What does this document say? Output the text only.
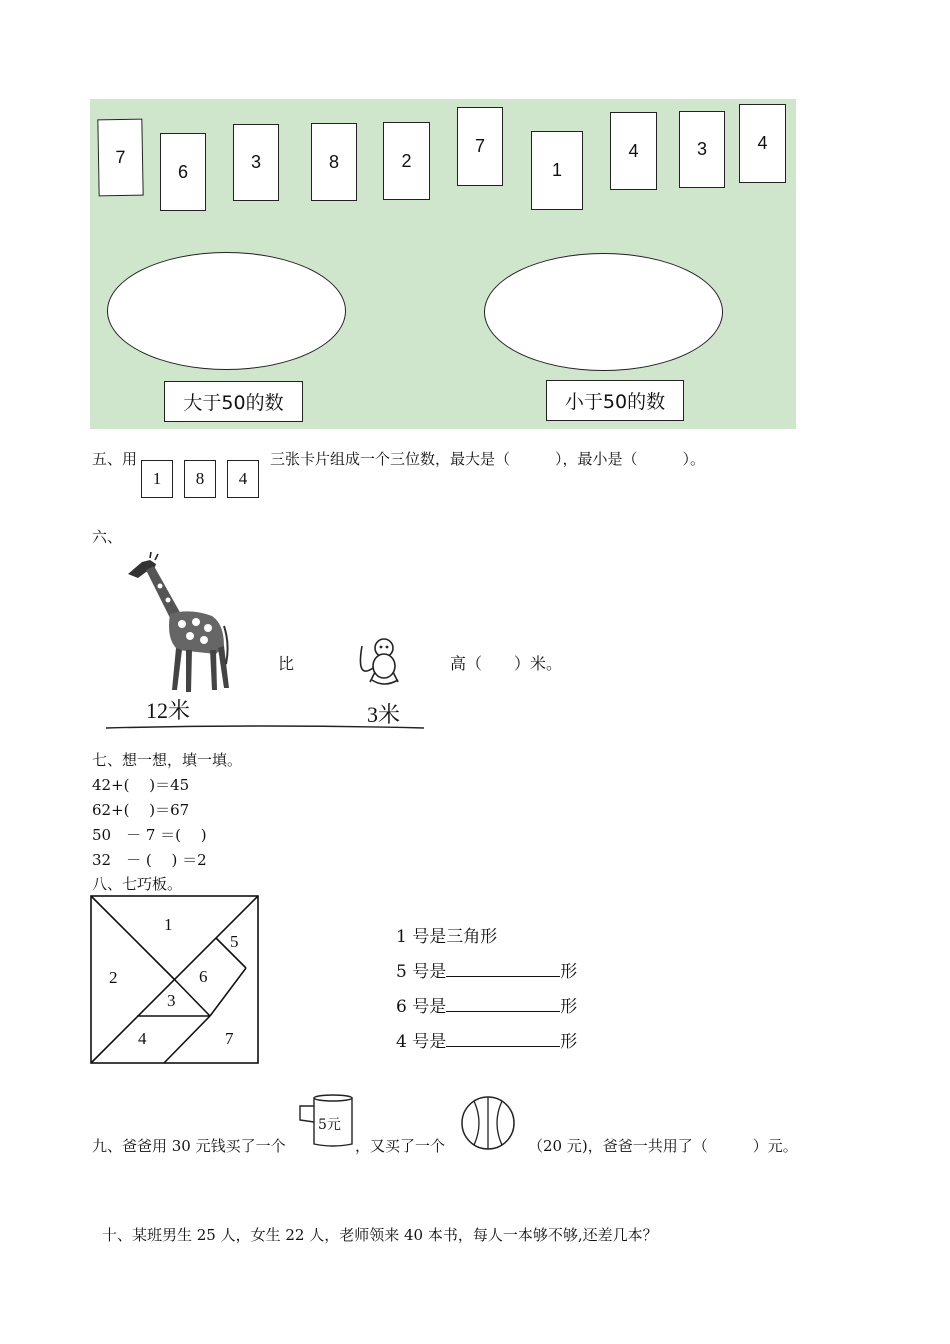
7
6	3	8	2
7
1
4	3	4
大于50的数	小于50的数
五、用
1	8	4
三张卡片组成一个三位数，最大是（　　　），最小是（　　　）。
六、
12米
比
3米
高（　　）米。
七、想一想，填一填。
42+(　 )＝45
62+(　 )＝67
50　－ 7 ＝(　 )
32　－ (　 ) ＝2
八、七巧板。
1
2
3
4
5
6
7
1 号是三角形
5 号是	形
6 号是	形
4 号是	形
九、爸爸用 30 元钱买了一个
5元
，又买了一个	（20 元)，爸爸一共用了（　　　）元。
十、某班男生 25 人，女生 22 人，老师领来 40 本书，每人一本够不够,还差几本？
